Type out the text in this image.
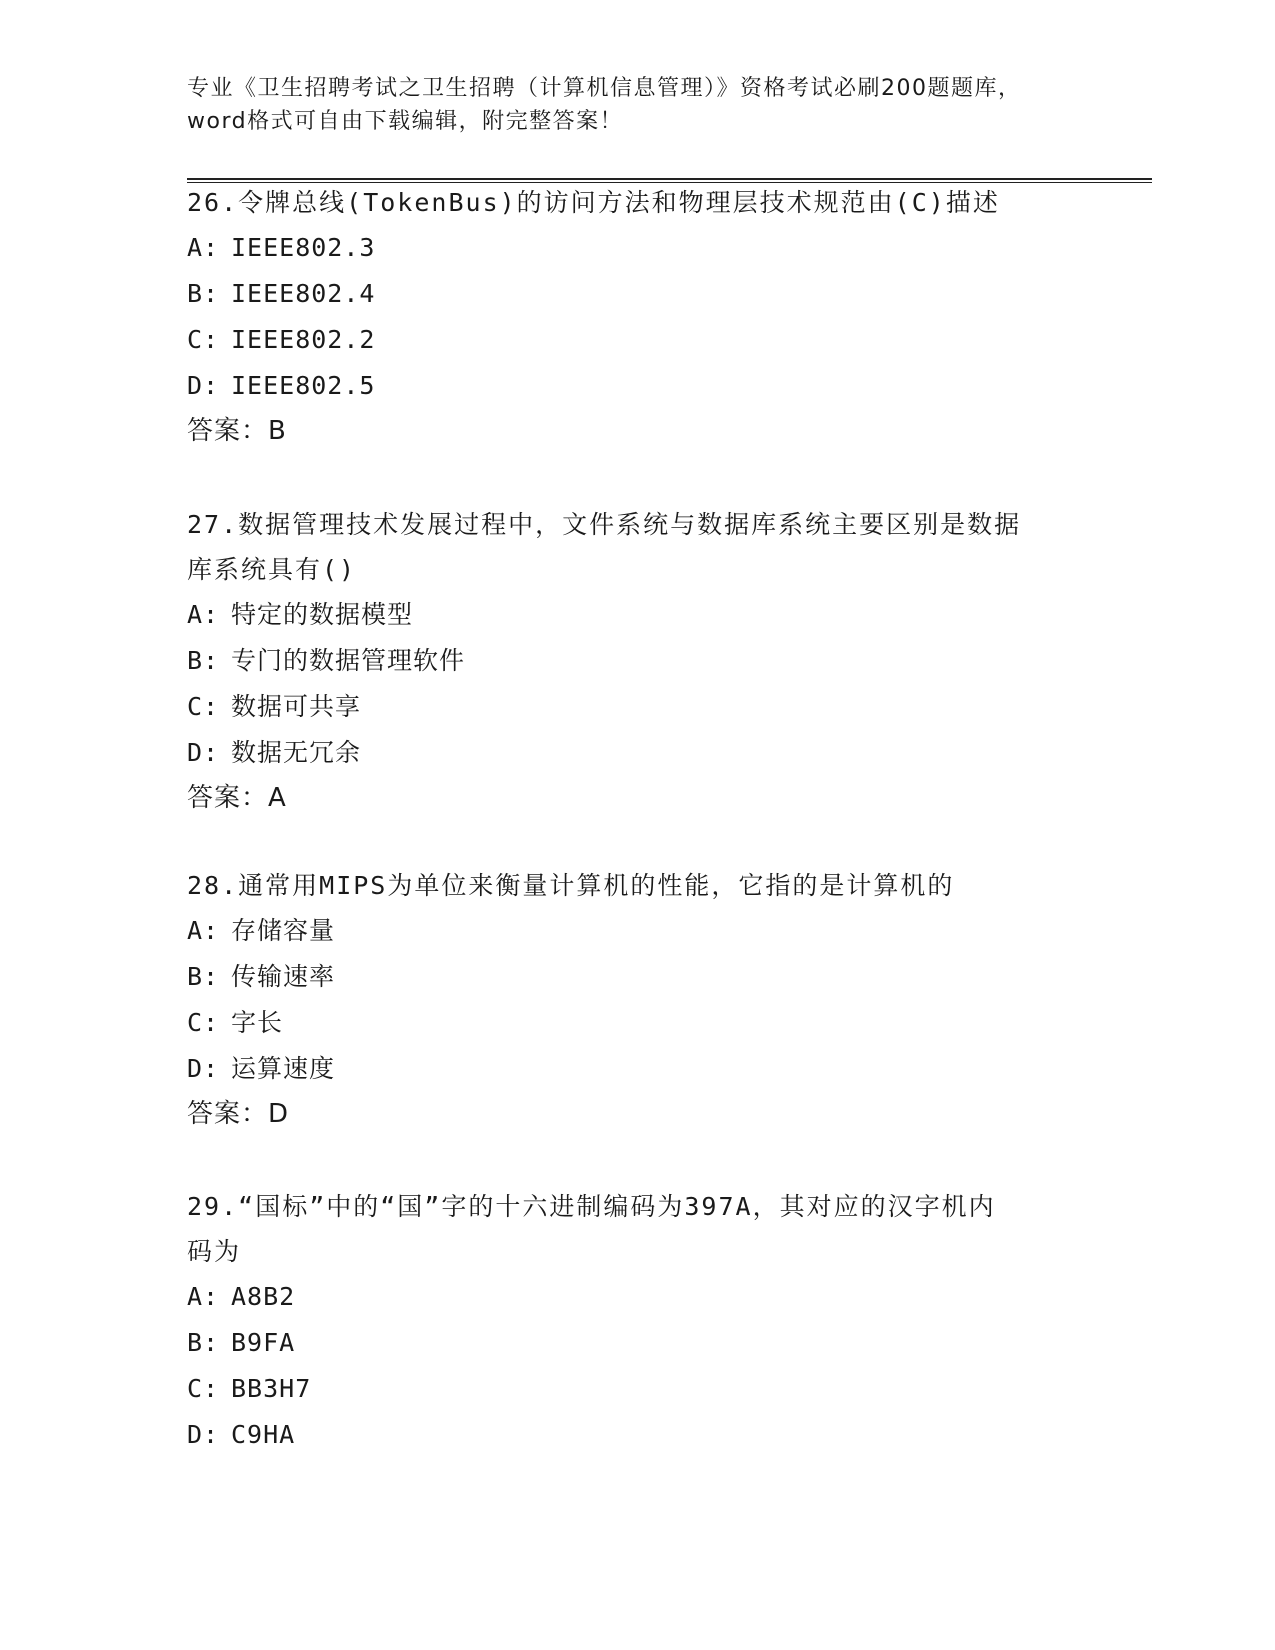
专业《卫生招聘考试之卫生招聘（计算机信息管理）》资格考试必刷200题题库，
word格式可自由下载编辑，附完整答案！
26.令牌总线(TokenBus)的访问方法和物理层技术规范由(C)描述
A: IEEE802.3
B: IEEE802.4
C: IEEE802.2
D: IEEE802.5
答案：B
27.数据管理技术发展过程中，文件系统与数据库系统主要区别是数据
库系统具有()
A: 特定的数据模型
B: 专门的数据管理软件
C: 数据可共享
D: 数据无冗余
答案：A
28.通常用MIPS为单位来衡量计算机的性能，它指的是计算机的
A: 存储容量
B: 传输速率
C: 字长
D: 运算速度
答案：D
29.“国标”中的“国”字的十六进制编码为397A，其对应的汉字机内
码为
A: A8B2
B: B9FA
C: BB3H7
D: C9HA
